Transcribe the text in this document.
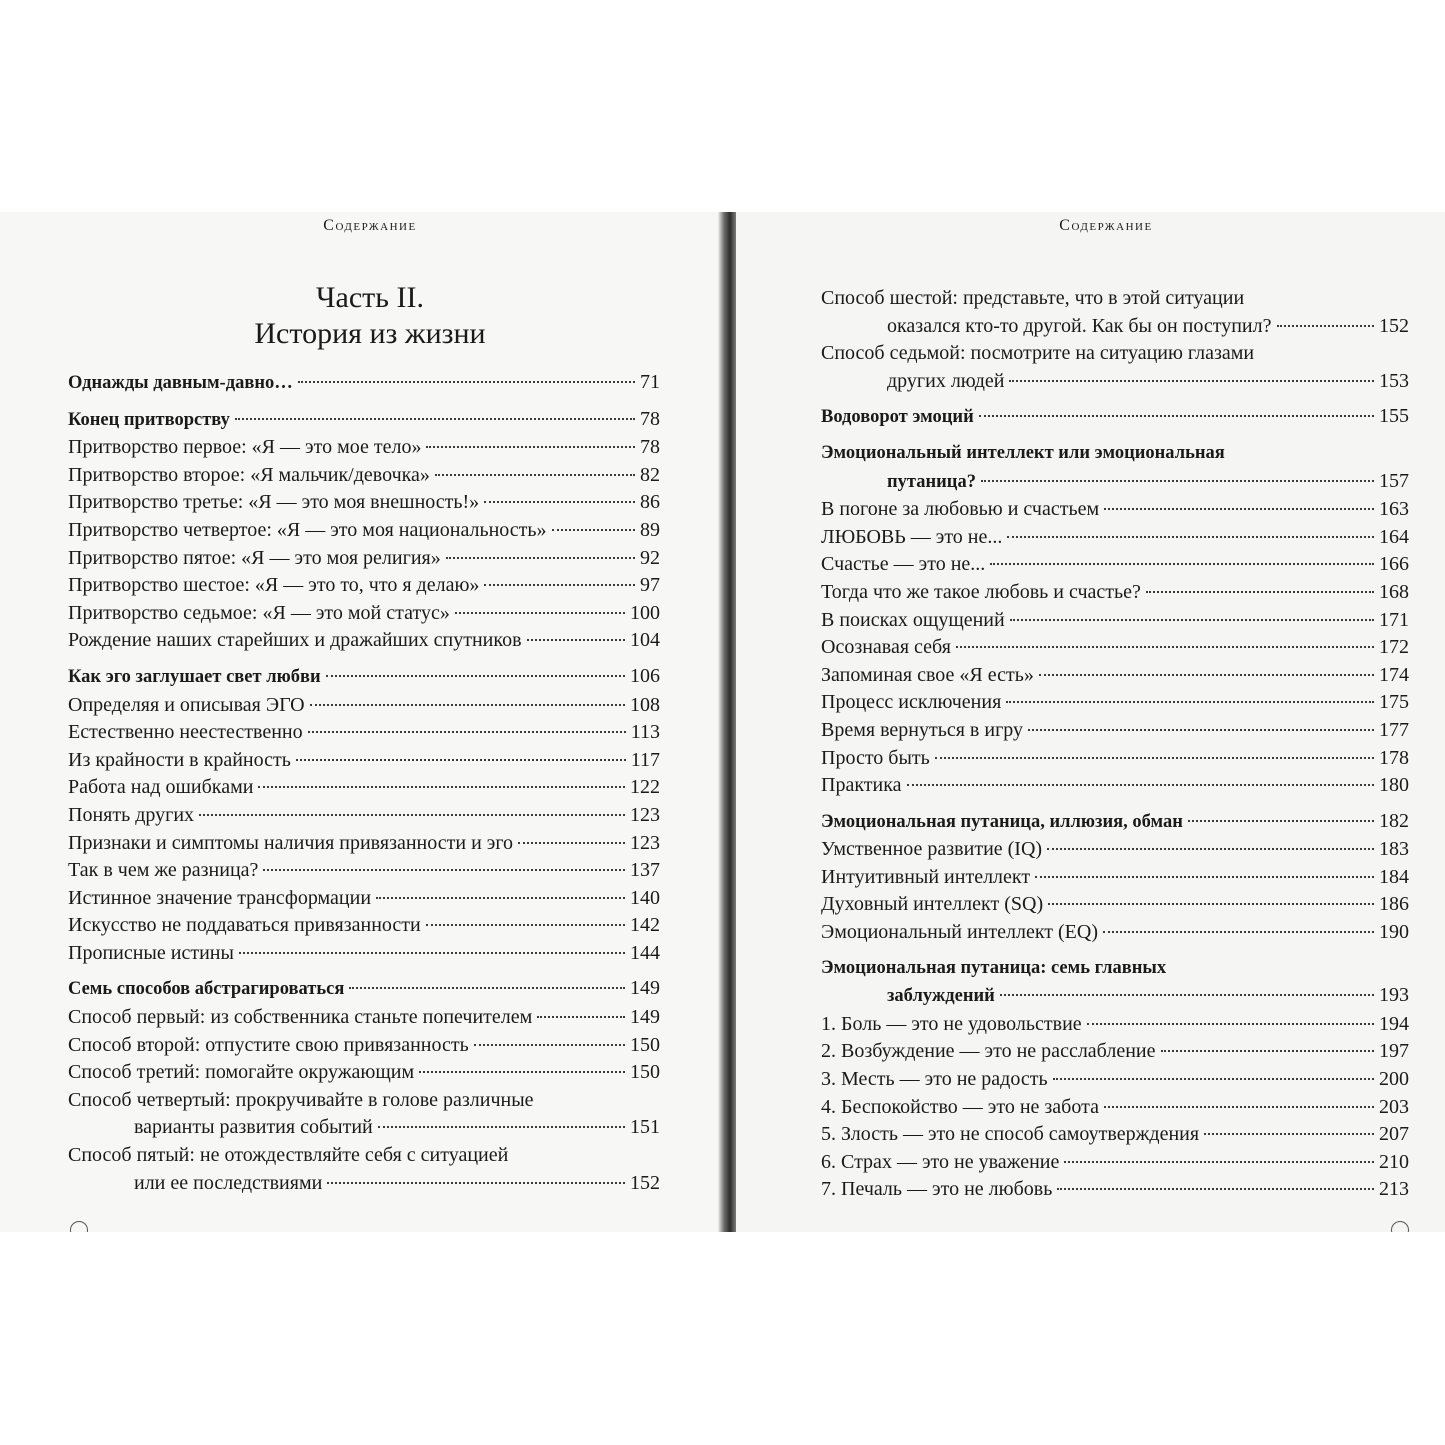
Содержание
Часть II.
История из жизни
Однажды давным-давно…	71
Конец притворству	78
Притворство первое: «Я — это мое тело»	78
Притворство второе: «Я мальчик/девочка»	82
Притворство третье: «Я — это моя внешность!»	86
Притворство четвертое: «Я — это моя национальность»	89
Притворство пятое: «Я — это моя религия»	92
Притворство шестое: «Я — это то, что я делаю»	97
Притворство седьмое: «Я — это мой статус»	100
Рождение наших старейших и дражайших спутников	104
Как эго заглушает свет любви	106
Определяя и описывая ЭГО	108
Естественно неестественно	113
Из крайности в крайность	117
Работа над ошибками	122
Понять других	123
Признаки и симптомы наличия привязанности и эго	123
Так в чем же разница?	137
Истинное значение трансформации	140
Искусство не поддаваться привязанности	142
Прописные истины	144
Семь способов абстрагироваться	149
Способ первый: из собственника станьте попечителем	149
Способ второй: отпустите свою привязанность	150
Способ третий: помогайте окружающим	150
Способ четвертый: прокручивайте в голове различные
варианты развития событий	151
Способ пятый: не отождествляйте себя с ситуацией
или ее последствиями	152
Содержание
Способ шестой: представьте, что в этой ситуации
оказался кто-то другой. Как бы он поступил?	152
Способ седьмой: посмотрите на ситуацию глазами
других людей	153
Водоворот эмоций	155
Эмоциональный интеллект или эмоциональная
путаница?	157
В погоне за любовью и счастьем	163
ЛЮБОВЬ — это не...	164
Счастье — это не...	166
Тогда что же такое любовь и счастье?	168
В поисках ощущений	171
Осознавая себя	172
Запоминая свое «Я есть»	174
Процесс исключения	175
Время вернуться в игру	177
Просто быть	178
Практика	180
Эмоциональная путаница, иллюзия, обман	182
Умственное развитие (IQ)	183
Интуитивный интеллект	184
Духовный интеллект (SQ)	186
Эмоциональный интеллект (EQ)	190
Эмоциональная путаница: семь главных
заблуждений	193
1. Боль — это не удовольствие	194
2. Возбуждение — это не расслабление	197
3. Месть — это не радость	200
4. Беспокойство — это не забота	203
5. Злость — это не способ самоутверждения	207
6. Страх — это не уважение	210
7. Печаль — это не любовь	213
